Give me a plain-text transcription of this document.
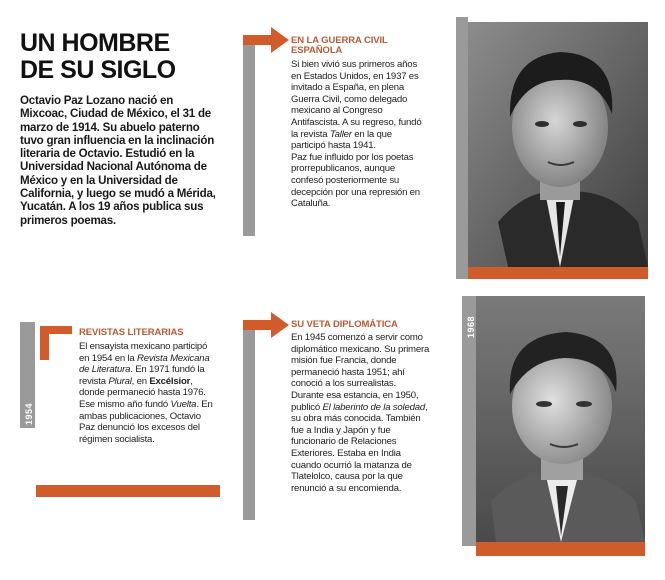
UN HOMBRE
DE SU SIGLO
Octavio Paz Lozano nació en Mixcoac, Ciudad de México, el 31 de marzo de 1914. Su abuelo paterno tuvo gran influencia en la inclinación literaria de Octavio. Estudió en la Universidad Nacional Autónoma de México y en la Universidad de California, y luego se mudó a Mérida, Yucatán. A los 19 años publica sus primeros poemas.
EN LA GUERRA CIVIL
ESPAÑOLA

Si bien vivió sus primeros años en Estados Unidos, en 1937 es invitado a España, en plena Guerra Civil, como delegado mexicano al Congreso Antifascista. A su regreso, fundó la revista Taller en la que participó hasta 1941.

Paz fue influido por los poetas prorrepublicanos, aunque confesó posteriormente su decepción por una represión en Cataluña.

1954
REVISTAS LITERARIAS

El ensayista mexicano participó en 1954 en la Revista Mexicana de Literatura. En 1971 fundó la revista Plural, en Excélsior, donde permaneció hasta 1976. Ese mismo año fundó Vuelta. En ambas publicaciones, Octavio Paz denunció los excesos del régimen socialista.

SU VETA DIPLOMÁTICA

En 1945 comenzó a servir como diplomático mexicano. Su primera misión fue Francia, donde permaneció hasta 1951; ahí conoció a los surrealistas. Durante esa estancia, en 1950, publicó El laberinto de la soledad, su obra más conocida. También fue a India y Japón y fue funcionario de Relaciones Exteriores. Estaba en India cuando ocurrió la matanza de Tlatelolco, causa por la que renunció a su encomienda.

1968
